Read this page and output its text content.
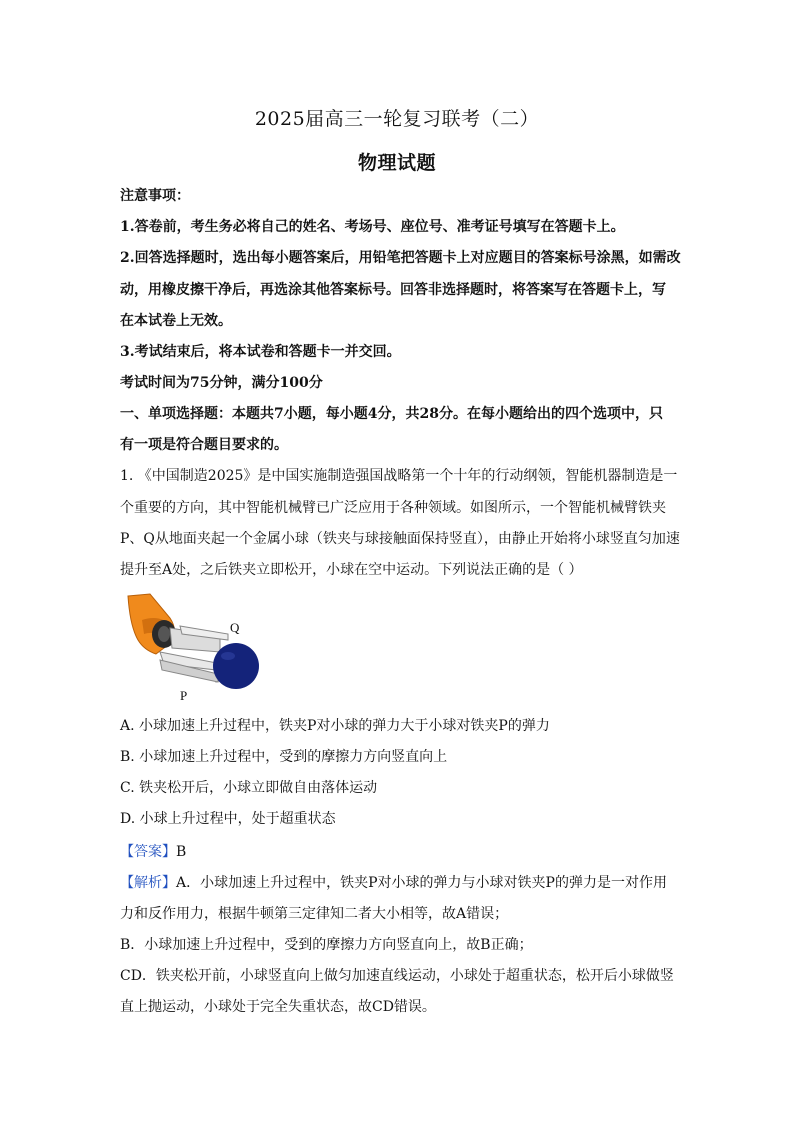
2025届高三一轮复习联考（二）
物理试题
注意事项：
1.答卷前，考生务必将自己的姓名、考场号、座位号、准考证号填写在答题卡上。
2.回答选择题时，选出每小题答案后，用铅笔把答题卡上对应题目的答案标号涂黑，如需改
动，用橡皮擦干净后，再选涂其他答案标号。回答非选择题时，将答案写在答题卡上，写
在本试卷上无效。
3.考试结束后，将本试卷和答题卡一并交回。
考试时间为75分钟，满分100分
一、单项选择题：本题共7小题，每小题4分，共28分。在每小题给出的四个选项中，只
有一项是符合题目要求的。
1. 《中国制造2025》是中国实施制造强国战略第一个十年的行动纲领，智能机器制造是一
个重要的方向，其中智能机械臂已广泛应用于各种领域。如图所示，一个智能机械臂铁夹
P、Q从地面夹起一个金属小球（铁夹与球接触面保持竖直），由静止开始将小球竖直匀加速
提升至A处，之后铁夹立即松开，小球在空中运动。下列说法正确的是（ ）
Q
P
A. 小球加速上升过程中，铁夹P对小球的弹力大于小球对铁夹P的弹力
B. 小球加速上升过程中，受到的摩擦力方向竖直向上
C. 铁夹松开后，小球立即做自由落体运动
D. 小球上升过程中，处于超重状态
【答案】B
【解析】A．小球加速上升过程中，铁夹P对小球的弹力与小球对铁夹P的弹力是一对作用
力和反作用力，根据牛顿第三定律知二者大小相等，故A错误；
B．小球加速上升过程中，受到的摩擦力方向竖直向上，故B正确；
CD．铁夹松开前，小球竖直向上做匀加速直线运动，小球处于超重状态，松开后小球做竖
直上抛运动，小球处于完全失重状态，故CD错误。
